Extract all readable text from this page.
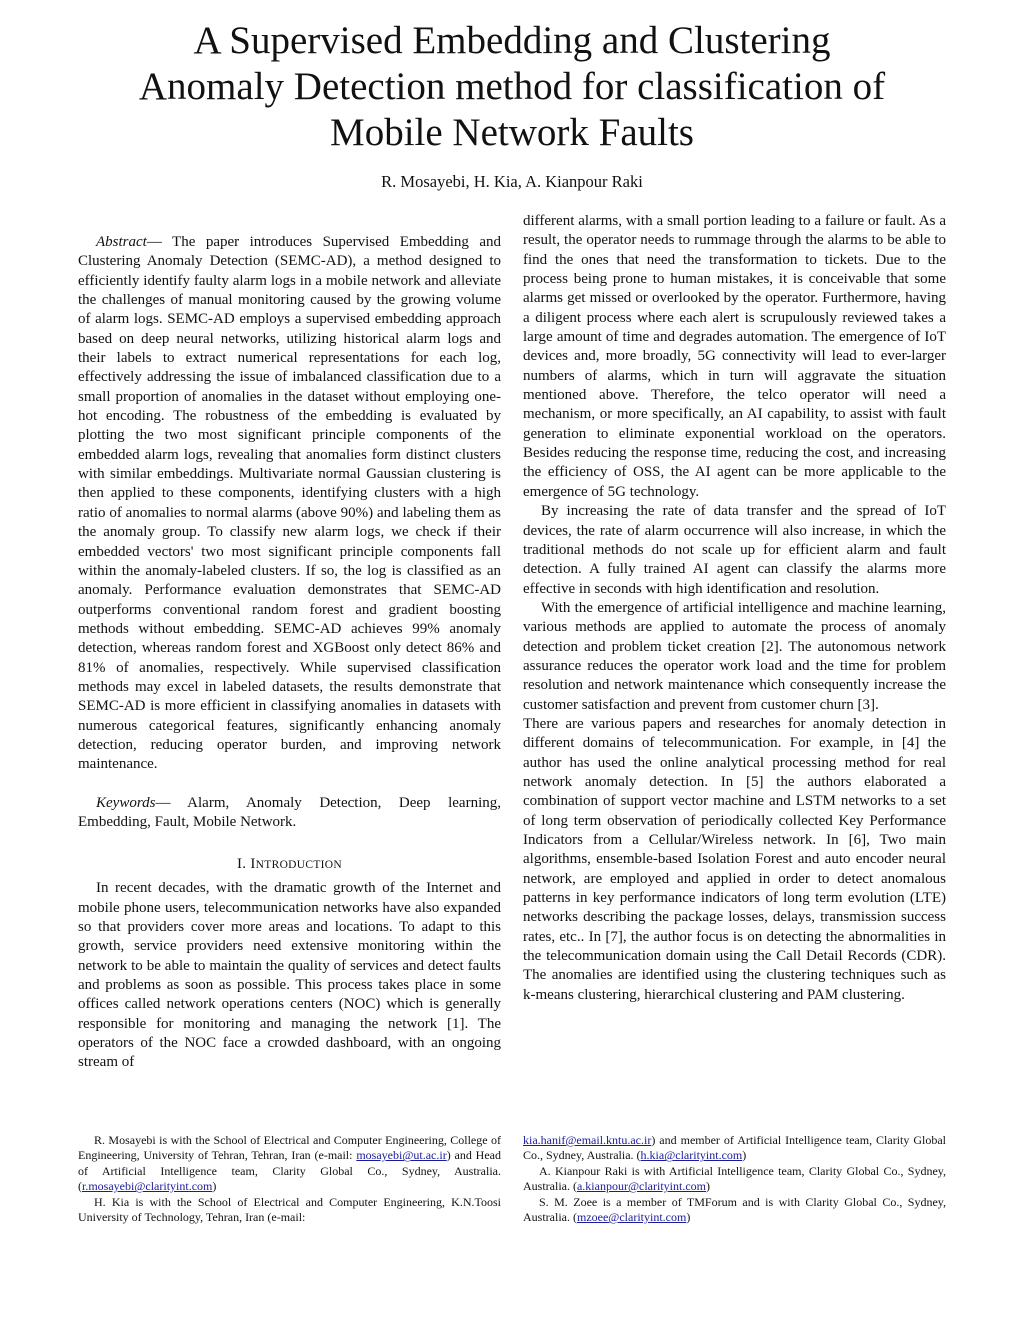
A Supervised Embedding and Clustering
Anomaly Detection method for classification of
Mobile Network Faults
R. Mosayebi, H. Kia, A. Kianpour Raki

Abstract— The paper introduces Supervised Embedding and Clustering Anomaly Detection (SEMC-AD), a method designed to efficiently identify faulty alarm logs in a mobile network and alleviate the challenges of manual monitoring caused by the growing volume of alarm logs. SEMC-AD employs a supervised embedding approach based on deep neural networks, utilizing historical alarm logs and their labels to extract numerical representations for each log, effectively addressing the issue of imbalanced classification due to a small proportion of anomalies in the dataset without employing one-hot encoding. The robustness of the embedding is evaluated by plotting the two most significant principle components of the embedded alarm logs, revealing that anomalies form distinct clusters with similar embeddings. Multivariate normal Gaussian clustering is then applied to these components, identifying clusters with a high ratio of anomalies to normal alarms (above 90%) and labeling them as the anomaly group. To classify new alarm logs, we check if their embedded vectors' two most significant principle components fall within the anomaly-labeled clusters. If so, the log is classified as an anomaly. Performance evaluation demonstrates that SEMC-AD outperforms conventional random forest and gradient boosting methods without embedding. SEMC-AD achieves 99% anomaly detection, whereas random forest and XGBoost only detect 86% and 81% of anomalies, respectively. While supervised classification methods may excel in labeled datasets, the results demonstrate that SEMC-AD is more efficient in classifying anomalies in datasets with numerous categorical features, significantly enhancing anomaly detection, reducing operator burden, and improving network maintenance.

Keywords— Alarm, Anomaly Detection, Deep learning, Embedding, Fault, Mobile Network.

I. INTRODUCTION

In recent decades, with the dramatic growth of the Internet and mobile phone users, telecommunication networks have also expanded so that providers cover more areas and locations. To adapt to this growth, service providers need extensive monitoring within the network to be able to maintain the quality of services and detect faults and problems as soon as possible. This process takes place in some offices called network operations centers (NOC) which is generally responsible for monitoring and managing the network [1]. The operators of the NOC face a crowded dashboard, with an ongoing stream of

different alarms, with a small portion leading to a failure or fault. As a result, the operator needs to rummage through the alarms to be able to find the ones that need the transformation to tickets. Due to the process being prone to human mistakes, it is conceivable that some alarms get missed or overlooked by the operator. Furthermore, having a diligent process where each alert is scrupulously reviewed takes a large amount of time and degrades automation. The emergence of IoT devices and, more broadly, 5G connectivity will lead to ever-larger numbers of alarms, which in turn will aggravate the situation mentioned above. Therefore, the telco operator will need a mechanism, or more specifically, an AI capability, to assist with fault generation to eliminate exponential workload on the operators. Besides reducing the response time, reducing the cost, and increasing the efficiency of OSS, the AI agent can be more applicable to the emergence of 5G technology.

By increasing the rate of data transfer and the spread of IoT devices, the rate of alarm occurrence will also increase, in which the traditional methods do not scale up for efficient alarm and fault detection. A fully trained AI agent can classify the alarms more effective in seconds with high identification and resolution.

With the emergence of artificial intelligence and machine learning, various methods are applied to automate the process of anomaly detection and problem ticket creation [2]. The autonomous network assurance reduces the operator work load and the time for problem resolution and network maintenance which consequently increase the customer satisfaction and prevent from customer churn [3].

There are various papers and researches for anomaly detection in different domains of telecommunication. For example, in [4] the author has used the online analytical processing method for real network anomaly detection. In [5] the authors elaborated a combination of support vector machine and LSTM networks to a set of long term observation of periodically collected Key Performance Indicators from a Cellular/Wireless network. In [6], Two main algorithms, ensemble-based Isolation Forest and auto encoder neural network, are employed and applied in order to detect anomalous patterns in key performance indicators of long term evolution (LTE) networks describing the package losses, delays, transmission success rates, etc.. In [7], the author focus is on detecting the abnormalities in the telecommunication domain using the Call Detail Records (CDR). The anomalies are identified using the clustering techniques such as k-means clustering, hierarchical clustering and PAM clustering.

R. Mosayebi is with the School of Electrical and Computer Engineering, College of Engineering, University of Tehran, Tehran, Iran (e-mail: mosayebi@ut.ac.ir) and Head of Artificial Intelligence team, Clarity Global Co., Sydney, Australia. (r.mosayebi@clarityint.com)

H. Kia is with the School of Electrical and Computer Engineering, K.N.Toosi University of Technology, Tehran, Iran (e-mail:

kia.hanif@email.kntu.ac.ir) and member of Artificial Intelligence team, Clarity Global Co., Sydney, Australia. (h.kia@clarityint.com)

A. Kianpour Raki is with Artificial Intelligence team, Clarity Global Co., Sydney, Australia. (a.kianpour@clarityint.com)

S. M. Zoee is a member of TMForum and is with Clarity Global Co., Sydney, Australia. (mzoee@clarityint.com)
